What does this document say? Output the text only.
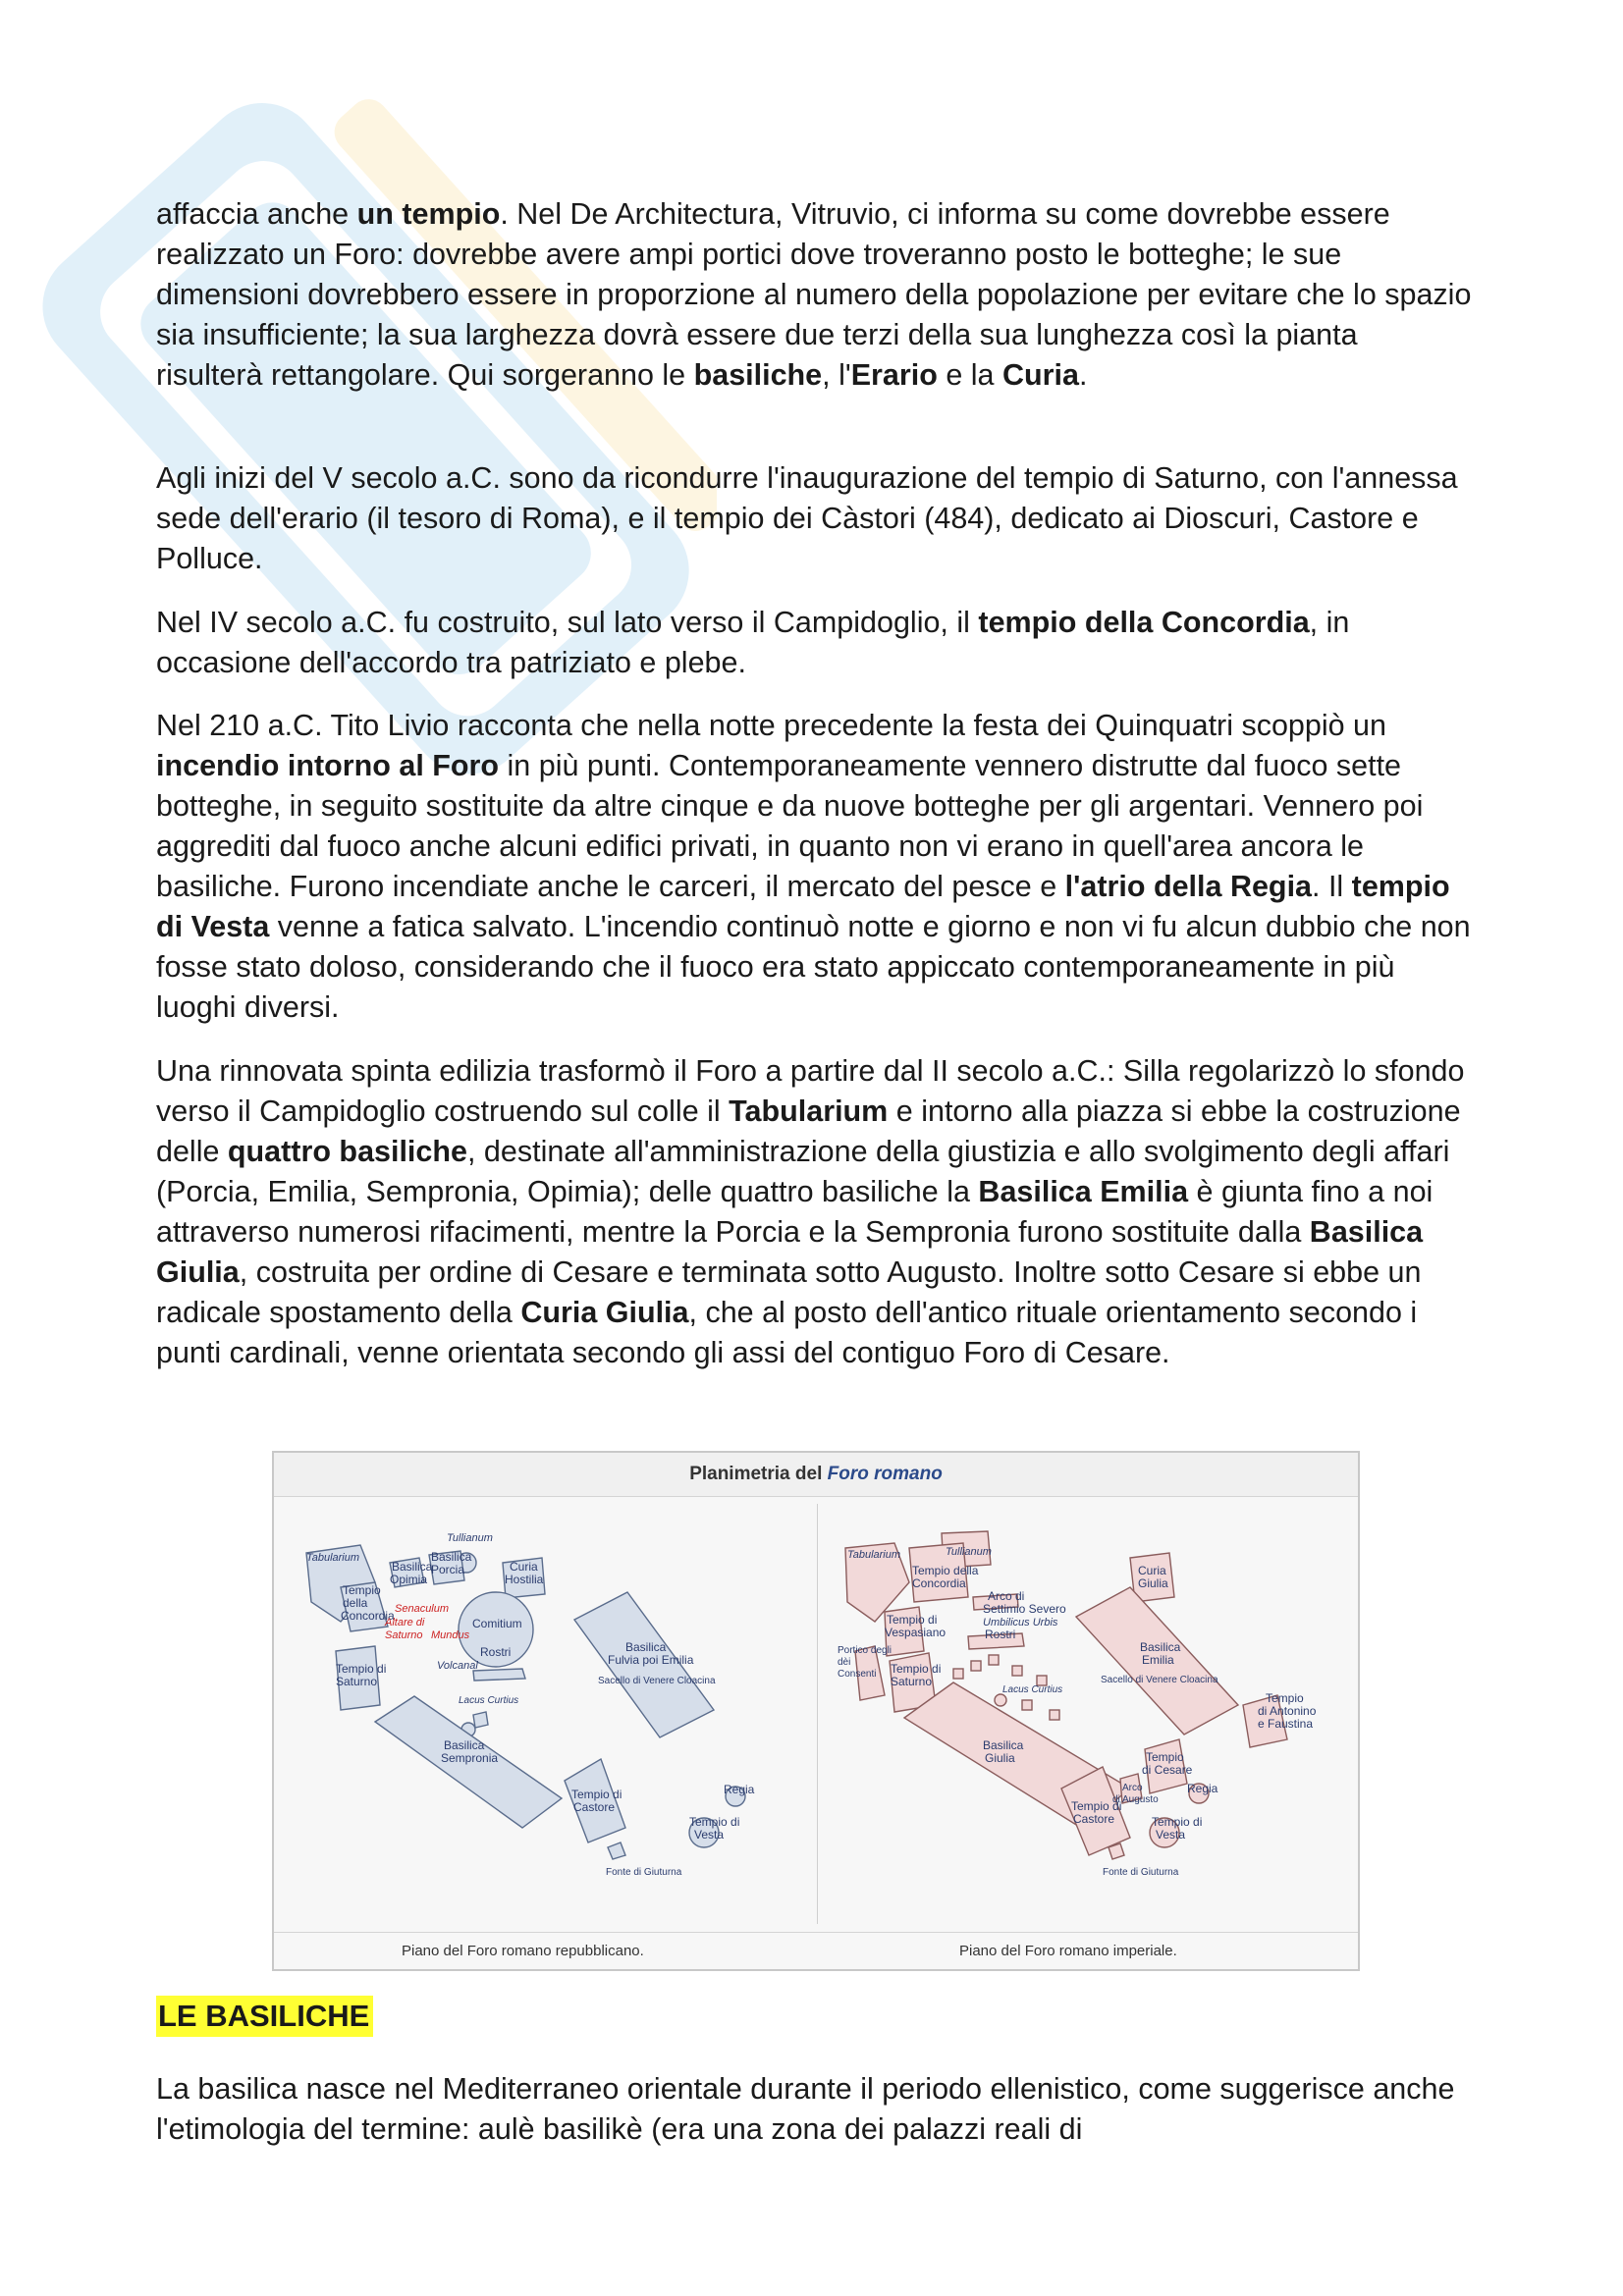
affaccia anche un tempio. Nel De Architectura, Vitruvio, ci informa su come dovrebbe essere realizzato un Foro: dovrebbe avere ampi portici dove troveranno posto le botteghe; le sue dimensioni dovrebbero essere in proporzione al numero della popolazione per evitare che lo spazio sia insufficiente; la sua larghezza dovrà essere due terzi della sua lunghezza così la pianta risulterà rettangolare. Qui sorgeranno le basiliche, l'Erario e la Curia.

Agli inizi del V secolo a.C. sono da ricondurre l'inaugurazione del tempio di Saturno, con l'annessa sede dell'erario (il tesoro di Roma), e il tempio dei Càstori (484), dedicato ai Dioscuri, Castore e Polluce.

Nel IV secolo a.C. fu costruito, sul lato verso il Campidoglio, il tempio della Concordia, in occasione dell'accordo tra patriziato e plebe.

Nel 210 a.C. Tito Livio racconta che nella notte precedente la festa dei Quinquatri scoppiò un incendio intorno al Foro in più punti. Contemporaneamente vennero distrutte dal fuoco sette botteghe, in seguito sostituite da altre cinque e da nuove botteghe per gli argentari. Vennero poi aggrediti dal fuoco anche alcuni edifici privati, in quanto non vi erano in quell'area ancora le basiliche. Furono incendiate anche le carceri, il mercato del pesce e l'atrio della Regia. Il tempio di Vesta venne a fatica salvato. L'incendio continuò notte e giorno e non vi fu alcun dubbio che non fosse stato doloso, considerando che il fuoco era stato appiccato contemporaneamente in più luoghi diversi.

Una rinnovata spinta edilizia trasformò il Foro a partire dal II secolo a.C.: Silla regolarizzò lo sfondo verso il Campidoglio costruendo sul colle il Tabularium e intorno alla piazza si ebbe la costruzione delle quattro basiliche, destinate all'amministrazione della giustizia e allo svolgimento degli affari (Porcia, Emilia, Sempronia, Opimia); delle quattro basiliche la Basilica Emilia è giunta fino a noi attraverso numerosi rifacimenti, mentre la Porcia e la Sempronia furono sostituite dalla Basilica Giulia, costruita per ordine di Cesare e terminata sotto Augusto. Inoltre sotto Cesare si ebbe un radicale spostamento della Curia Giulia, che al posto dell'antico rituale orientamento secondo i punti cardinali, venne orientata secondo gli assi del contiguo Foro di Cesare.

Planimetria del Foro romano
Tabularium
Tullianum
Basilica
Opimia
Basilica
Porcia	Curia
Hostilia
Tempio
della
Concordia Senaculum
Altare di
Saturno Mundus
Comitium
Rostri
Volcanal
Tempio di
Saturno
Basilica
Fulvia poi Emilia
Sacello di Venere Cloacina
Lacus Curtius
Basilica
Sempronia
Tempio di
Castore
Regia
Tempio di
Vesta
Fonte di Giuturna
Tabularium	Tullianum
Tempio della
Concordia
Arco di
Settimio Severo
Umbilicus Urbis
Rostri
Curia
Giulia
Tempio di
Vespasiano
Portico degli
dèi
Consenti Tempio di
Saturno
Basilica
Emilia
Sacello di Venere Cloacina
Lacus Curtius
Basilica
Giulia
Tempio
di Antonino
e Faustina
Tempio
di Cesare
Arco
di Augusto
Regia
Tempio di
Castore	Tempio di
Vesta
Fonte di Giuturna
Piano del Foro romano repubblicano.	Piano del Foro romano imperiale.
LE BASILICHE

La basilica nasce nel Mediterraneo orientale durante il periodo ellenistico, come suggerisce anche l'etimologia del termine: aulè basilikè (era una zona dei palazzi reali di
